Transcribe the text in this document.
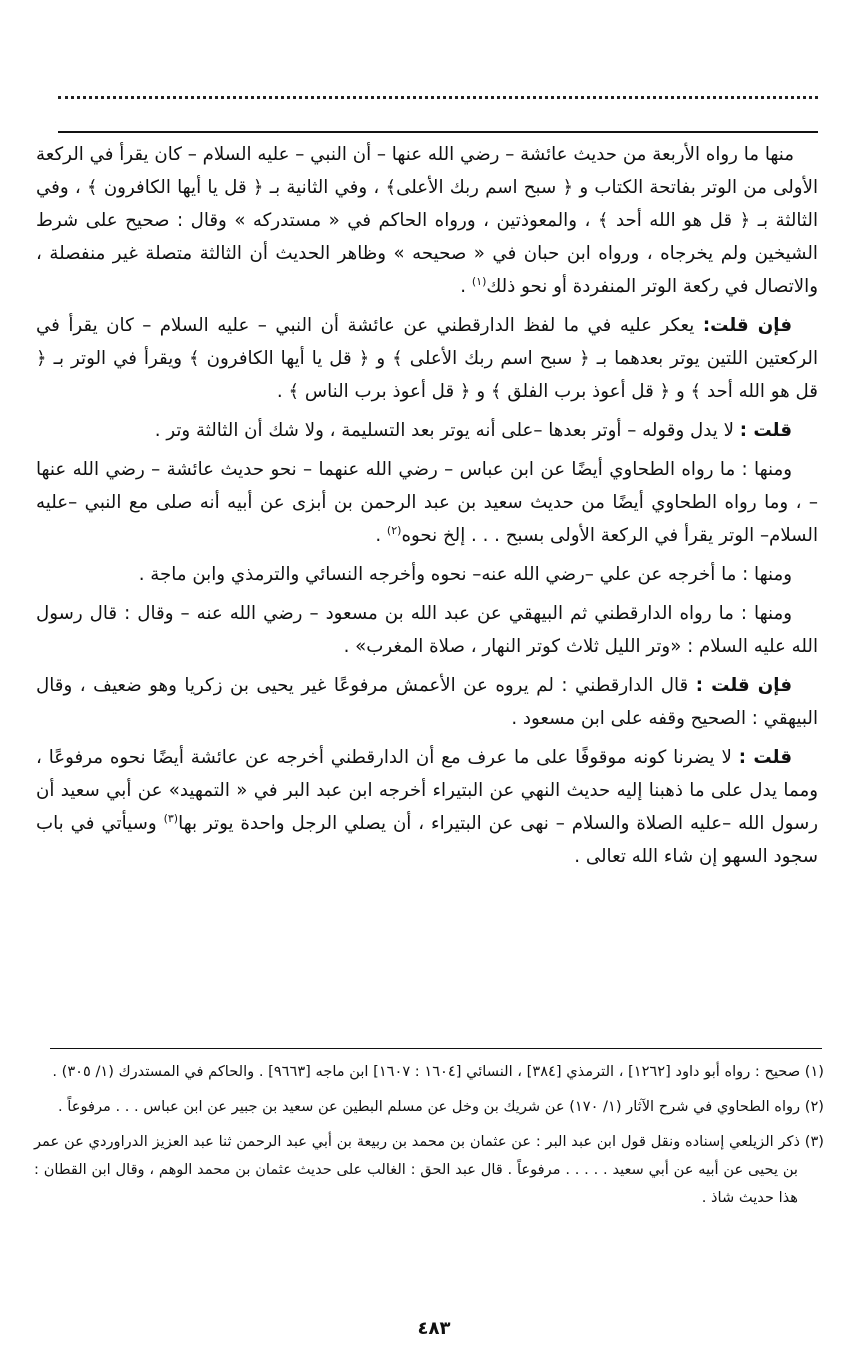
منها ما رواه الأربعة من حديث عائشة – رضي الله عنها – أن النبي – عليه السلام – كان يقرأ في الركعة الأولى من الوتر بفاتحة الكتاب و ﴿ سبح اسم ربك الأعلى﴾ ، وفي الثانية بـ ﴿ قل يا أيها الكافرون ﴾ ، وفي الثالثة بـ ﴿ قل هو الله أحد ﴾ ، والمعوذتين ، ورواه الحاكم في « مستدركه » وقال : صحيح على شرط الشيخين ولم يخرجاه ، ورواه ابن حبان في « صحيحه » وظاهر الحديث أن الثالثة متصلة غير منفصلة ، والاتصال في ركعة الوتر المنفردة أو نحو ذلك$^{(١)}$ .

فإن قلت: يعكر عليه في ما لفظ الدارقطني عن عائشة أن النبي – عليه السلام – كان يقرأ في الركعتين اللتين يوتر بعدهما بـ ﴿ سبح اسم ربك الأعلى ﴾ و ﴿ قل يا أيها الكافرون ﴾ ويقرأ في الوتر بـ ﴿ قل هو الله أحد ﴾ و ﴿ قل أعوذ برب الفلق ﴾ و ﴿ قل أعوذ برب الناس ﴾ .

قلت : لا يدل وقوله – أوتر بعدها –على أنه يوتر بعد التسليمة ، ولا شك أن الثالثة وتر .

ومنها : ما رواه الطحاوي أيضًا عن ابن عباس – رضي الله عنهما – نحو حديث عائشة – رضي الله عنها – ، وما رواه الطحاوي أيضًا من حديث سعيد بن عبد الرحمن بن أبزى عن أبيه أنه صلى مع النبي –عليه السلام– الوتر يقرأ في الركعة الأولى بسبح . . . إلخ نحوه$^{(٢)}$ .

ومنها : ما أخرجه عن علي –رضي الله عنه– نحوه وأخرجه النسائي والترمذي وابن ماجة .

ومنها : ما رواه الدارقطني ثم البيهقي عن عبد الله بن مسعود – رضي الله عنه – وقال : قال رسول الله عليه السلام : «وتر الليل ثلاث كوتر النهار ، صلاة المغرب» .

فإن قلت : قال الدارقطني : لم يروه عن الأعمش مرفوعًا غير يحيى بن زكريا وهو ضعيف ، وقال البيهقي : الصحيح وقفه على ابن مسعود .

قلت : لا يضرنا كونه موقوفًا على ما عرف مع أن الدارقطني أخرجه عن عائشة أيضًا نحوه مرفوعًا ، ومما يدل على ما ذهبنا إليه حديث النهي عن البتيراء أخرجه ابن عبد البر في « التمهيد» عن أبي سعيد أن رسول الله –عليه الصلاة والسلام – نهى عن البتيراء ، أن يصلي الرجل واحدة يوتر بها$^{(٣)}$ وسيأتي في باب سجود السهو إن شاء الله تعالى .

(١) صحيح : رواه أبو داود [١٢٦٢] ، الترمذي [٣٨٤] ، النسائي [١٦٠٤ : ١٦٠٧] ابن ماجه [٩٦٦٣] . والحاكم في المستدرك (١/ ٣٠٥) .

(٢) رواه الطحاوي في شرح الآثار (١/ ١٧٠) عن شريك بن وخل عن مسلم البطين عن سعيد بن جبير عن ابن عباس . . . مرفوعاً .

(٣) ذكر الزيلعي إسناده ونقل قول ابن عبد البر : عن عثمان بن محمد بن ربيعة بن أبي عبد الرحمن ثنا عبد العزيز الدراوردي عن عمر بن يحيى عن أبيه عن أبي سعيد . . . . . مرفوعاً . قال عبد الحق : الغالب على حديث عثمان بن محمد الوهم ، وقال ابن القطان : هذا حديث شاذ .

٤٨٣
